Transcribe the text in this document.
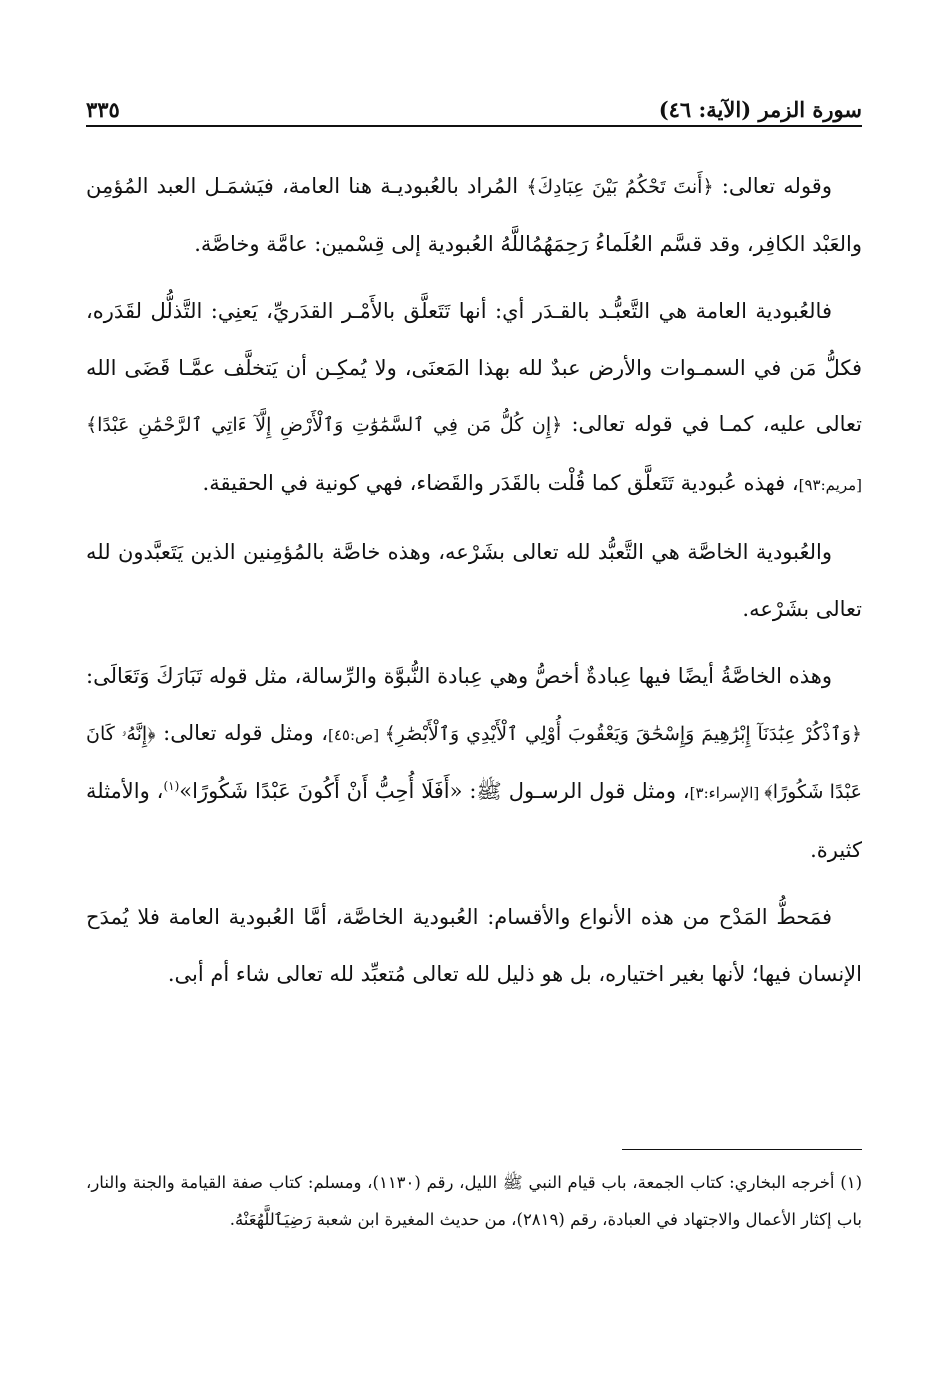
سورة الزمر (الآية: ٤٦)
٣٣٥

وقوله تعالى: ﴿أَنتَ تَحْكُمُ بَيْنَ عِبَادِكَ﴾ المُراد بالعُبوديـة هنا العامة، فيَشمَـل العبد المُؤمِن والعَبْد الكافِر، وقد قسَّم العُلَماءُ رَحِمَهُمُاللَّهُ العُبودية إلى قِسْمين: عامَّة وخاصَّة.

فالعُبودية العامة هي التَّعبُّـد بالقـدَر أي: أنها تَتَعلَّق بالأَمْـر القدَريِّ، يَعنِي: التَّذلُّل لقَدَره، فكلُّ مَن في السمـوات والأرض عبدٌ لله بهذا المَعنَى، ولا يُمكِـن أن يَتخلَّف عمَّـا قَضَى الله تعالى عليه، كمـا في قوله تعالى: ﴿إِن كُلُّ مَن فِي ٱلسَّمَٰوَٰتِ وَٱلْأَرْضِ إِلَّآ ءَاتِي ٱلرَّحْمَٰنِ عَبْدًا﴾ [مريم:٩٣]، فهذه عُبودية تَتَعلَّق كما قُلْت بالقَدَر والقَضاء، فهي كونية في الحقيقة.

والعُبودية الخاصَّة هي التَّعبُّد لله تعالى بشَرْعه، وهذه خاصَّة بالمُؤمِنين الذين يَتَعبَّدون لله تعالى بشَرْعه.

وهذه الخاصَّةُ أيضًا فيها عِبادةٌ أخصُّ وهي عِبادة النُّبوَّة والرِّسالة، مثل قوله تَبَارَكَ وَتَعَالَى: ﴿وَٱذْكُرْ عِبَٰدَنَآ إِبْرَٰهِيمَ وَإِسْحَٰقَ وَيَعْقُوبَ أُوْلِي ٱلْأَيْدِي وَٱلْأَبْصَٰرِ﴾ [ص:٤٥]، ومثل قوله تعالى: ﴿إِنَّهُۥ كَانَ عَبْدًا شَكُورًا﴾ [الإسراء:٣]، ومثل قول الرسـول ﷺ: «أَفَلَا أُحِبُّ أَنْ أَكُونَ عَبْدًا شَكُورًا»$^{(١)}$، والأمثلة كثيرة.

فمَحطُّ المَدْح من هذه الأنواع والأقسام: العُبودية الخاصَّة، أمَّا العُبودية العامة فلا يُمدَح الإنسان فيها؛ لأنها بغير اختياره، بل هو ذليل لله تعالى مُتعبِّد لله تعالى شاء أم أبى.

(١) أخرجه البخاري: كتاب الجمعة، باب قيام النبي ﷺ الليل، رقم (١١٣٠)، ومسلم: كتاب صفة القيامة والجنة والنار، باب إكثار الأعمال والاجتهاد في العبادة، رقم (٢٨١٩)، من حديث المغيرة ابن شعبة رَضِيَٱللَّهُعَنْهُ.
